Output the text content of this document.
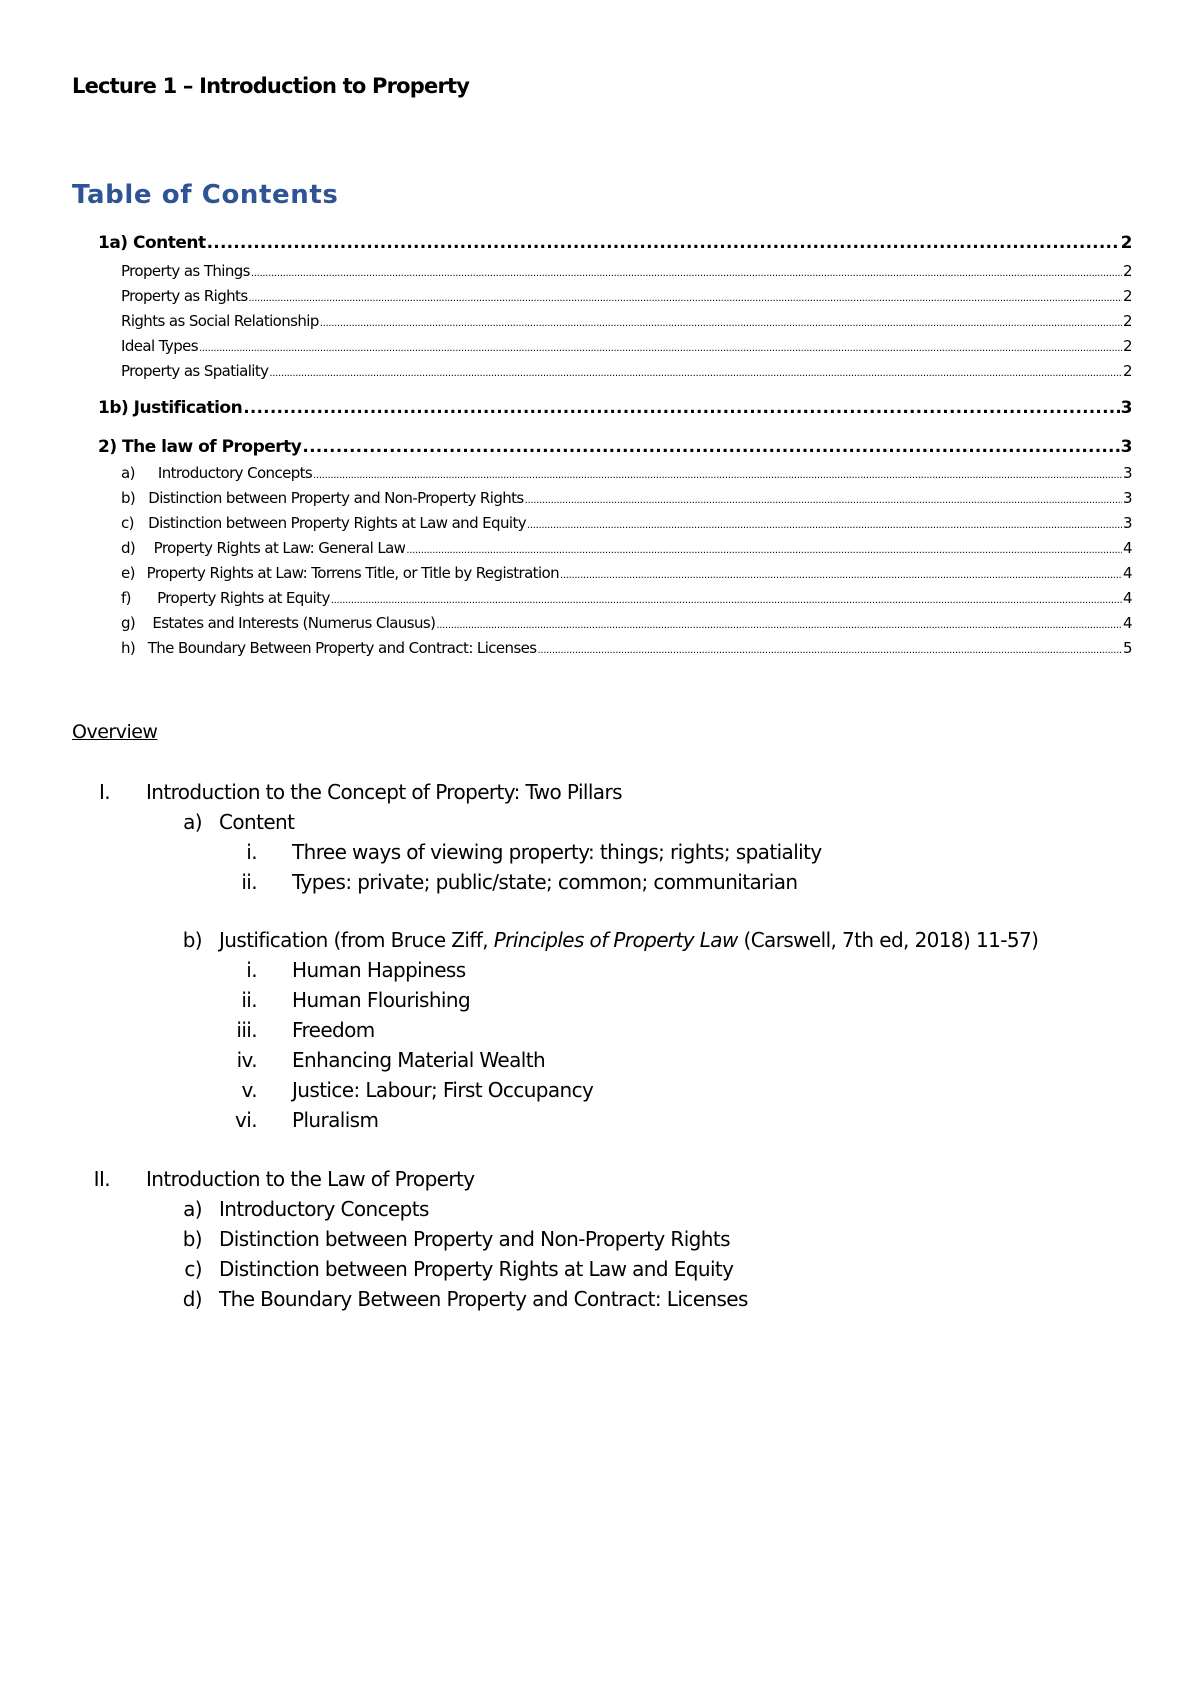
Lecture 1 – Introduction to Property
Table of Contents
1a) Content .....	2
Property as Things .....	2
Property as Rights .....	2
Rights as Social Relationship .....	2
Ideal Types .....	2
Property as Spatiality .....	2
1b) Justification .....	3
2) The law of Property .....	3
a)	Introductory Concepts .....	3
b) Distinction between Property and Non-Property Rights .....	3
c) Distinction between Property Rights at Law and Equity .....	3
d)	Property Rights at Law: General Law .....	4
e) Property Rights at Law: Torrens Title, or Title by Registration .....	4
f)	Property Rights at Equity .....	4
g)	Estates and Interests (Numerus Clausus) .....	4
h) The Boundary Between Property and Contract: Licenses .....	5
Overview
I. Introduction to the Concept of Property: Two Pillars
a) Content
i. Three ways of viewing property: things; rights; spatiality
ii. Types: private; public/state; common; communitarian
b) Justification (from Bruce Ziff, Principles of Property Law (Carswell, 7th ed, 2018) 11-57)
i. Human Happiness
ii. Human Flourishing
iii. Freedom
iv. Enhancing Material Wealth
v. Justice: Labour; First Occupancy
vi. Pluralism
II. Introduction to the Law of Property
a) Introductory Concepts
b) Distinction between Property and Non-Property Rights
c) Distinction between Property Rights at Law and Equity
d) The Boundary Between Property and Contract: Licenses
